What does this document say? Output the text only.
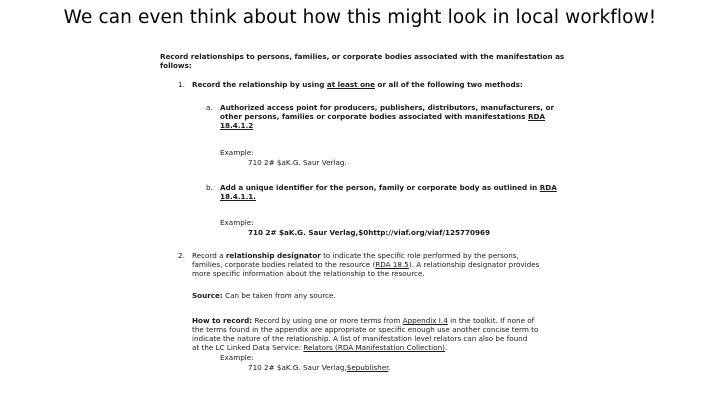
We can even think about how this might look in local workflow!
Record relationships to persons, families, or corporate bodies associated with the manifestation as
follows:
1. Record the relationship by using at least one or all of the following two methods:
a. Authorized access point for producers, publishers, distributors, manufacturers, or
other persons, families or corporate bodies associated with manifestations RDA
18.4.1.2
Example:
710 2# $aK.G. Saur Verlag.
b. Add a unique identifier for the person, family or corporate body as outlined in RDA
18.4.1.1.
Example:
710 2# $aK.G. Saur Verlag,$0http://viaf.org/viaf/125770969
2. Record a relationship designator to indicate the specific role performed by the persons,
families, corporate bodies related to the resource (RDA 18.5). A relationship designator provides
more specific information about the relationship to the resource.
Source: Can be taken from any source.
How to record: Record by using one or more terms from Appendix I.4 in the toolkit. If none of
the terms found in the appendix are appropriate or specific enough use another concise term to
indicate the nature of the relationship. A list of manifestation level relators can also be found
at the LC Linked Data Service: Relators (RDA Manifestation Collection).
Example:
710 2# $aK.G. Saur Verlag,$epublisher.
